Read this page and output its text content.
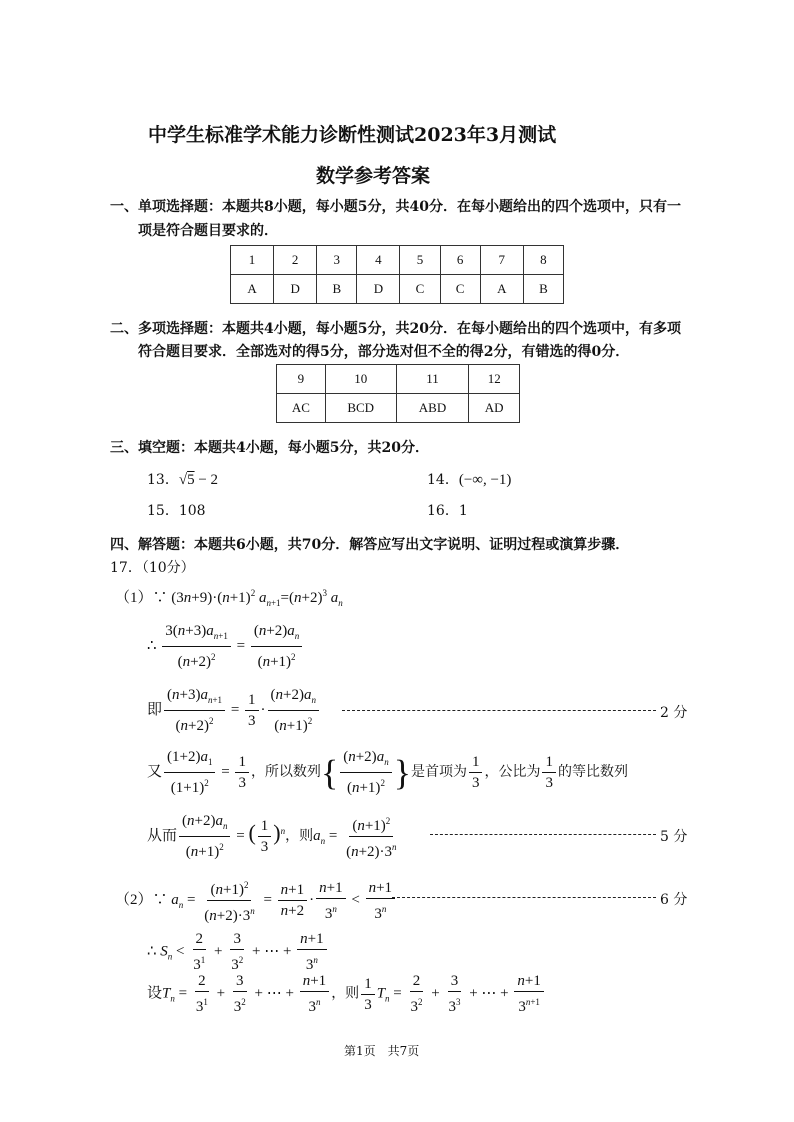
中学生标准学术能力诊断性测试2023年3月测试
数学参考答案
一、单项选择题：本题共8小题，每小题5分，共40分．在每小题给出的四个选项中，只有一
项是符合题目要求的．
1	2	3	4	5	6	7	8
A	D	B	D	C	C	A	B
二、多项选择题：本题共4小题，每小题5分，共20分．在每小题给出的四个选项中，有多项
符合题目要求．全部选对的得5分，部分选对但不全的得2分，有错选的得0分．
9	10	11	12
AC	BCD	ABD	AD
三、填空题：本题共4小题，每小题5分，共20分．
13．√5 − 2	14．(−∞, −1)
15．108	16．1
四、解答题：本题共6小题，共70分．解答应写出文字说明、证明过程或演算步骤．
17．（10分）
（1）∵ $(3n+9)\cdot(n+1)^2$ $a_{n+1}=(n+2)^3$ $a_n$
∴ $\frac{3(n+3)a_{n+1}}{(n+2)^2} = \frac{(n+2)a_n}{(n+1)^2}$
即 $\frac{(n+3)a_{n+1}}{(n+2)^2} = \frac{1}{3} \cdot \frac{(n+2)a_n}{(n+1)^2}$	2 分
又 $\frac{(1+2)a_1}{(1+1)^2} = \frac{1}{3}$ ，所以数列{ $\frac{(n+2)a_n}{(n+1)^2}$ }是首项为 $\frac{1}{3}$ ，公比为 $\frac{1}{3}$ 的等比数列
从而 $\frac{(n+2)a_n}{(n+1)^2}$ = ( $\frac{1}{3} )^n$，则$a_n = \frac{(n+1)^2}{(n+2)\cdot 3^n}$	5 分
（2）∵ $a_n = \frac{(n+1)^2}{(n+2)\cdot 3^n} = \frac{n+1}{n+2} \cdot \frac{n+1}{3^n} < \frac{n+1}{3^n}$	6 分
∴ $S_n < \frac{2}{3^1} + \frac{3}{3^2}$ + ⋯ + $\frac{n+1}{3^n}$
设$T_n = \frac{2}{3^1} + \frac{3}{3^2}$ + ⋯ + $\frac{n+1}{3^n}$ ，则 $\frac{1}{3} T_n = \frac{2}{3^2} + \frac{3}{3^3}$ + ⋯ + $\frac{n+1}{3^{n+1}}$
第1页　共7页
